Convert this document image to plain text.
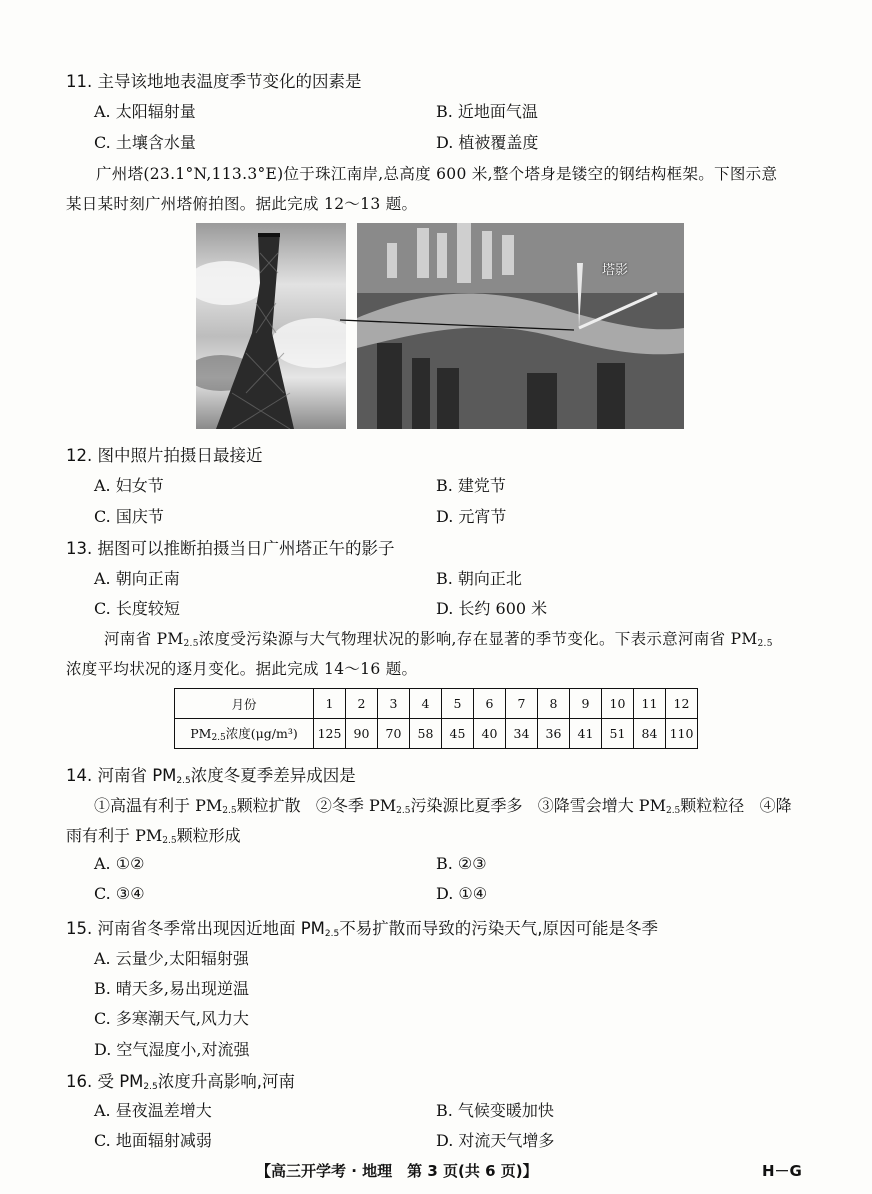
11. 主导该地地表温度季节变化的因素是
A. 太阳辐射量	B. 近地面气温
C. 土壤含水量	D. 植被覆盖度
广州塔(23.1°N,113.3°E)位于珠江南岸,总高度 600 米,整个塔身是镂空的钢结构框架。下图示意
某日某时刻广州塔俯拍图。据此完成 12～13 题。
塔影
12. 图中照片拍摄日最接近
A. 妇女节	B. 建党节
C. 国庆节	D. 元宵节
13. 据图可以推断拍摄当日广州塔正午的影子
A. 朝向正南	B. 朝向正北
C. 长度较短	D. 长约 600 米
河南省 $PM_{2.5}$浓度受污染源与大气物理状况的影响,存在显著的季节变化。下表示意河南省 $PM_{2.5}$
浓度平均状况的逐月变化。据此完成 14～16 题。
月份	1	2	3	4	5	6	7	8	9	10	11	12
$PM_{2.5}$浓度(μg/m³)	125	90	70	58	45	40	34	36	41	51	84	110
14. 河南省 $PM_{2.5}$浓度冬夏季差异成因是
①高温有利于 $PM_{2.5}$颗粒扩散 ②冬季 $PM_{2.5}$污染源比夏季多 ③降雪会增大 $PM_{2.5}$颗粒粒径 ④降
雨有利于 $PM_{2.5}$颗粒形成
A. ①②	B. ②③
C. ③④	D. ①④
15. 河南省冬季常出现因近地面 $PM_{2.5}$不易扩散而导致的污染天气,原因可能是冬季
A. 云量少,太阳辐射强
B. 晴天多,易出现逆温
C. 多寒潮天气,风力大
D. 空气湿度小,对流强
16. 受 $PM_{2.5}$浓度升高影响,河南
A. 昼夜温差增大	B. 气候变暖加快
C. 地面辐射减弱	D. 对流天气增多
【高三开学考 · 地理　第 3 页(共 6 页)】	H－G
